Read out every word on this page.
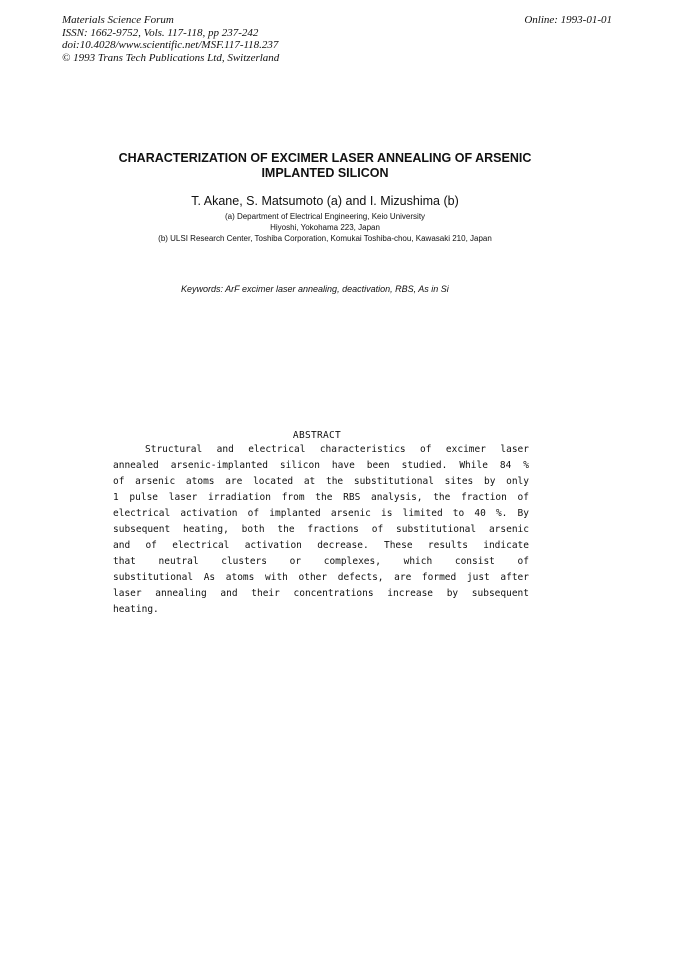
Materials Science Forum
ISSN: 1662-9752, Vols. 117-118, pp 237-242
doi:10.4028/www.scientific.net/MSF.117-118.237
© 1993 Trans Tech Publications Ltd, Switzerland
Online: 1993-01-01
CHARACTERIZATION OF EXCIMER LASER ANNEALING OF ARSENIC
IMPLANTED SILICON
T. Akane, S. Matsumoto (a) and I. Mizushima (b)
(a) Department of Electrical Engineering, Keio University
Hiyoshi, Yokohama 223, Japan
(b) ULSI Research Center, Toshiba Corporation, Komukai Toshiba-chou, Kawasaki 210, Japan
Keywords: ArF excimer laser annealing, deactivation, RBS, As in Si
ABSTRACT
Structural and electrical characteristics of excimer laser
annealed arsenic-implanted silicon have been studied. While 84 %
of arsenic atoms are located at the substitutional sites by only
1 pulse laser irradiation from the RBS analysis, the fraction of
electrical activation of implanted arsenic is limited to 40 %. By
subsequent heating, both the fractions of substitutional arsenic
and of electrical activation decrease. These results indicate
that neutral clusters or complexes, which consist of
substitutional As atoms with other defects, are formed just after
laser annealing and their concentrations increase by subsequent
heating.
